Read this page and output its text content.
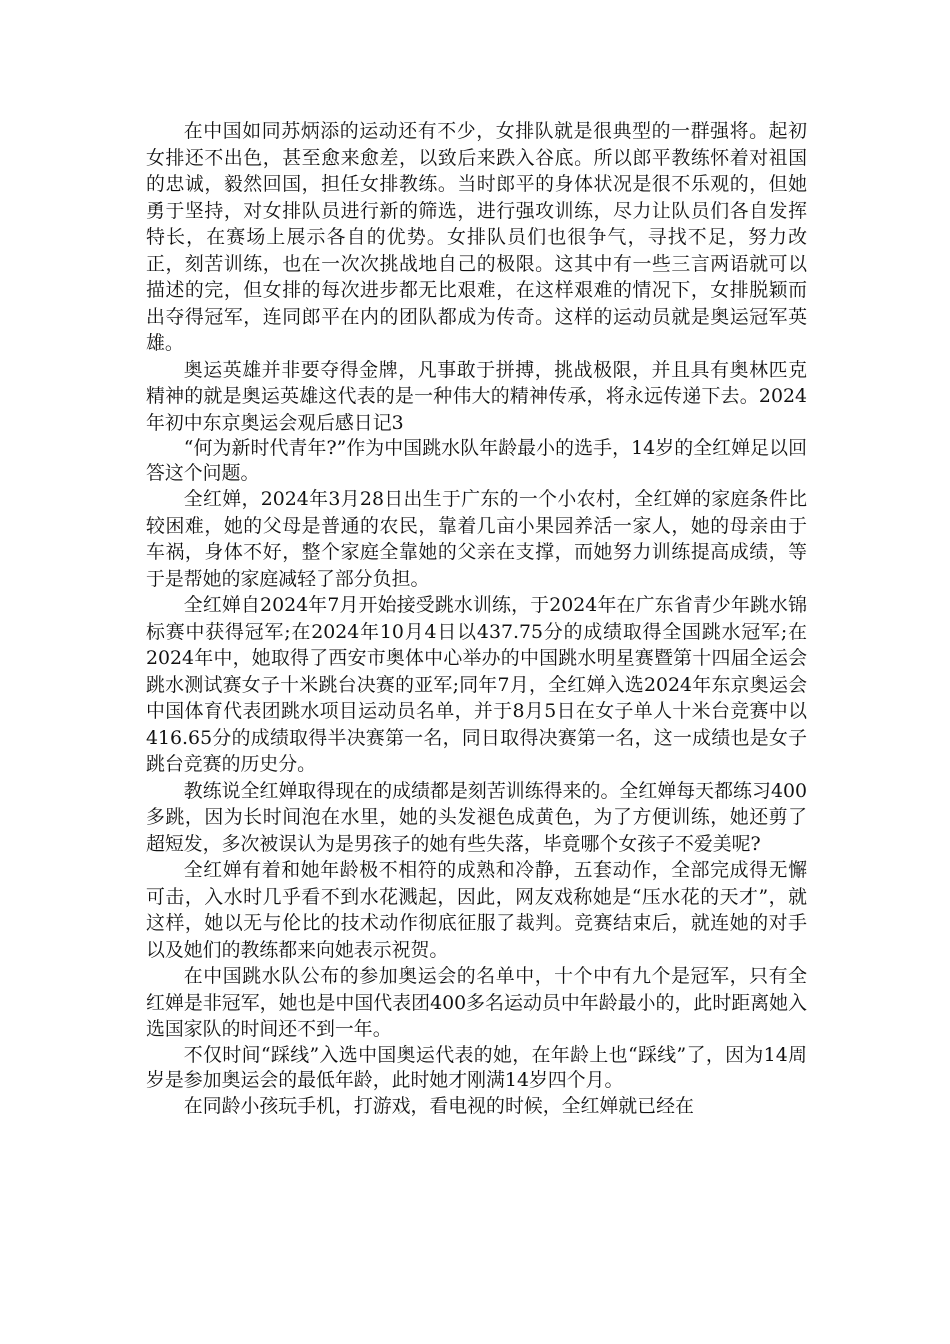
在中国如同苏炳添的运动还有不少，女排队就是很典型的一群强将。起初女排还不出色，甚至愈来愈差，以致后来跌入谷底。所以郎平教练怀着对祖国的忠诚，毅然回国，担任女排教练。当时郎平的身体状况是很不乐观的，但她勇于坚持，对女排队员进行新的筛选，进行强攻训练，尽力让队员们各自发挥特长，在赛场上展示各自的优势。女排队员们也很争气，寻找不足，努力改正，刻苦训练，也在一次次挑战地自己的极限。这其中有一些三言两语就可以描述的完，但女排的每次进步都无比艰难，在这样艰难的情况下，女排脱颖而出夺得冠军，连同郎平在内的团队都成为传奇。这样的运动员就是奥运冠军英雄。

奥运英雄并非要夺得金牌，凡事敢于拼搏，挑战极限，并且具有奥林匹克精神的就是奥运英雄这代表的是一种伟大的精神传承，将永远传递下去。2024年初中东京奥运会观后感日记3

“何为新时代青年?”作为中国跳水队年龄最小的选手，14岁的全红婵足以回答这个问题。

全红婵，2024年3月28日出生于广东的一个小农村，全红婵的家庭条件比较困难，她的父母是普通的农民，靠着几亩小果园养活一家人，她的母亲由于车祸，身体不好，整个家庭全靠她的父亲在支撑，而她努力训练提高成绩，等于是帮她的家庭减轻了部分负担。

全红婵自2024年7月开始接受跳水训练，于2024年在广东省青少年跳水锦标赛中获得冠军;在2024年10月4日以437.75分的成绩取得全国跳水冠军;在2024年中，她取得了西安市奥体中心举办的中国跳水明星赛暨第十四届全运会跳水测试赛女子十米跳台决赛的亚军;同年7月，全红婵入选2024年东京奥运会中国体育代表团跳水项目运动员名单，并于8月5日在女子单人十米台竞赛中以416.65分的成绩取得半决赛第一名，同日取得决赛第一名，这一成绩也是女子跳台竞赛的历史分。

教练说全红婵取得现在的成绩都是刻苦训练得来的。全红婵每天都练习400多跳，因为长时间泡在水里，她的头发褪色成黄色，为了方便训练，她还剪了超短发，多次被误认为是男孩子的她有些失落，毕竟哪个女孩子不爱美呢?

全红婵有着和她年龄极不相符的成熟和冷静，五套动作，全部完成得无懈可击，入水时几乎看不到水花溅起，因此，网友戏称她是“压水花的天才”，就这样，她以无与伦比的技术动作彻底征服了裁判。竞赛结束后，就连她的对手以及她们的教练都来向她表示祝贺。

在中国跳水队公布的参加奥运会的名单中，十个中有九个是冠军，只有全红婵是非冠军，她也是中国代表团400多名运动员中年龄最小的，此时距离她入选国家队的时间还不到一年。

不仅时间“踩线”入选中国奥运代表的她，在年龄上也“踩线”了，因为14周岁是参加奥运会的最低年龄，此时她才刚满14岁四个月。

在同龄小孩玩手机，打游戏，看电视的时候，全红婵就已经在
